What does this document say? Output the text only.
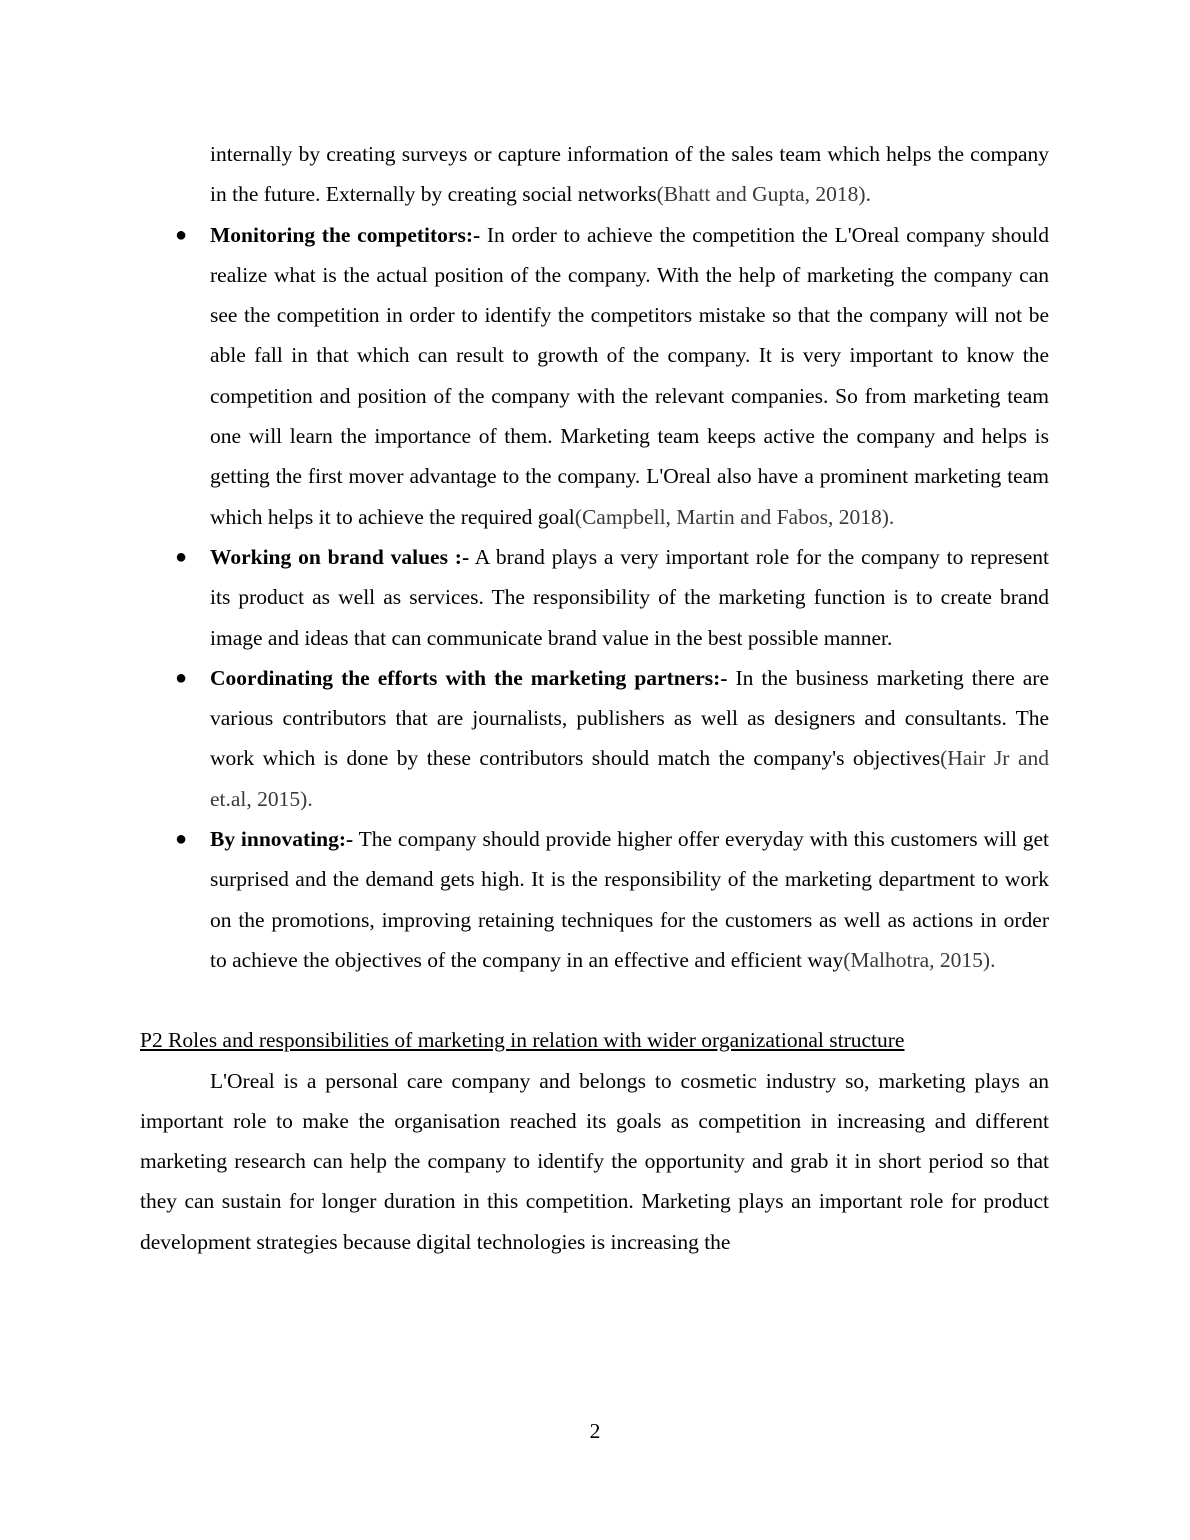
internally by creating surveys or capture information of the sales team which helps the company in the future. Externally by creating social networks(Bhatt and Gupta, 2018).

● Monitoring the competitors:- In order to achieve the competition the L'Oreal company should realize what is the actual position of the company. With the help of marketing the company can see the competition in order to identify the competitors mistake so that the company will not be able fall in that which can result to growth of the company. It is very important to know the competition and position of the company with the relevant companies. So from marketing team one will learn the importance of them. Marketing team keeps active the company and helps is getting the first mover advantage to the company. L'Oreal also have a prominent marketing team which helps it to achieve the required goal(Campbell, Martin and Fabos, 2018).

● Working on brand values :- A brand plays a very important role for the company to represent its product as well as services. The responsibility of the marketing function is to create brand image and ideas that can communicate brand value in the best possible manner.

● Coordinating the efforts with the marketing partners:- In the business marketing there are various contributors that are journalists, publishers as well as designers and consultants. The work which is done by these contributors should match the company's objectives(Hair Jr and et.al, 2015).

● By innovating:- The company should provide higher offer everyday with this customers will get surprised and the demand gets high. It is the responsibility of the marketing department to work on the promotions, improving retaining techniques for the customers as well as actions in order to achieve the objectives of the company in an effective and efficient way(Malhotra, 2015).

P2 Roles and responsibilities of marketing in relation with wider organizational structure

L'Oreal is a personal care company and belongs to cosmetic industry so, marketing plays an important role to make the organisation reached its goals as competition in increasing and different marketing research can help the company to identify the opportunity and grab it in short period so that they can sustain for longer duration in this competition. Marketing plays an important role for product development strategies because digital technologies is increasing the

2
